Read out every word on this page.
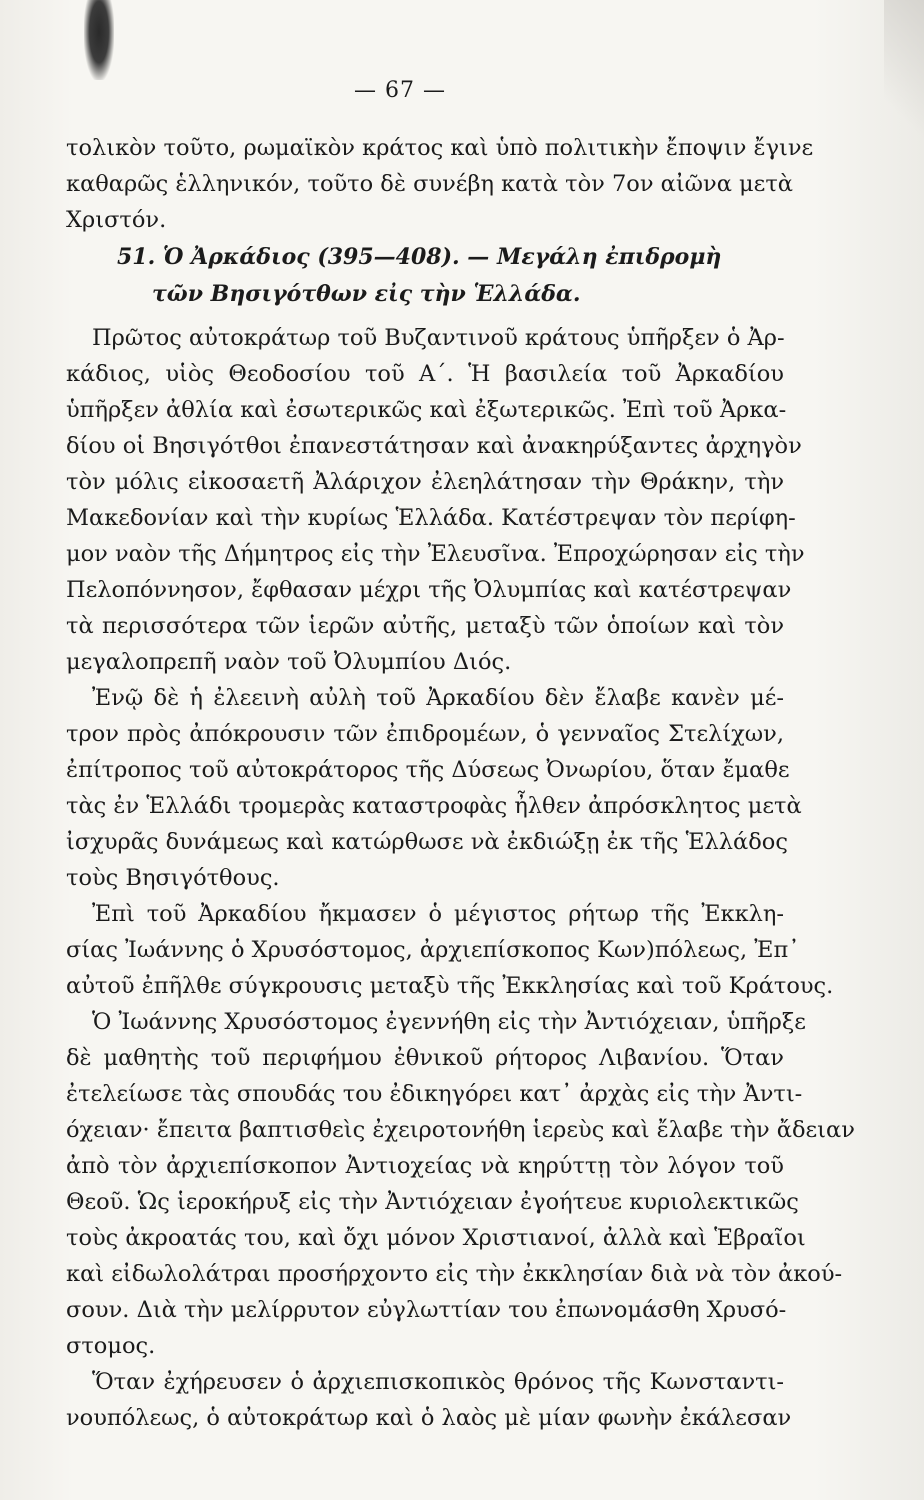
— 67 —
τολικὸν τοῦτο, ρωμαϊκὸν κράτος καὶ ὑπὸ πολιτικὴν ἔποψιν ἔγινε
καθαρῶς ἑλληνικόν, τοῦτο δὲ συνέβη κατὰ τὸν 7ον αἰῶνα μετὰ
Χριστόν.
51. Ὁ Ἀρκάδιος (395—408). — Μεγάλη ἐπιδρομὴ
τῶν Βησιγότθων εἰς τὴν Ἑλλάδα.
Πρῶτος αὐτοκράτωρ τοῦ Βυζαντινοῦ κράτους ὑπῆρξεν ὁ Ἀρ-
κάδιος, υἱὸς Θεοδοσίου τοῦ Α΄. Ἡ βασιλεία τοῦ Ἀρκαδίου
ὑπῆρξεν ἀθλία καὶ ἐσωτερικῶς καὶ ἐξωτερικῶς. Ἐπὶ τοῦ Ἀρκα-
δίου οἱ Βησιγότθοι ἐπανεστάτησαν καὶ ἀνακηρύξαντες ἀρχηγὸν
τὸν μόλις εἰκοσαετῆ Ἀλάριχον ἐλεηλάτησαν τὴν Θράκην, τὴν
Μακεδονίαν καὶ τὴν κυρίως Ἑλλάδα. Κατέστρεψαν τὸν περίφη-
μον ναὸν τῆς Δήμητρος εἰς τὴν Ἐλευσῖνα. Ἐπροχώρησαν εἰς τὴν
Πελοπόννησον, ἔφθασαν μέχρι τῆς Ὀλυμπίας καὶ κατέστρεψαν
τὰ περισσότερα τῶν ἱερῶν αὐτῆς, μεταξὺ τῶν ὁποίων καὶ τὸν
μεγαλοπρεπῆ ναὸν τοῦ Ὀλυμπίου Διός.
Ἐνῷ δὲ ἡ ἐλεεινὴ αὐλὴ τοῦ Ἀρκαδίου δὲν ἔλαβε κανὲν μέ-
τρον πρὸς ἀπόκρουσιν τῶν ἐπιδρομέων, ὁ γενναῖος Στελίχων,
ἐπίτροπος τοῦ αὐτοκράτορος τῆς Δύσεως Ὀνωρίου, ὅταν ἔμαθε
τὰς ἐν Ἑλλάδι τρομερὰς καταστροφὰς ἦλθεν ἀπρόσκλητος μετὰ
ἰσχυρᾶς δυνάμεως καὶ κατώρθωσε νὰ ἐκδιώξῃ ἐκ τῆς Ἑλλάδος
τοὺς Βησιγότθους.
Ἐπὶ τοῦ Ἀρκαδίου ἤκμασεν ὁ μέγιστος ρήτωρ τῆς Ἐκκλη-
σίας Ἰωάννης ὁ Χρυσόστομος, ἀρχιεπίσκοπος Κων)πόλεως, Ἐπ᾿
αὐτοῦ ἐπῆλθε σύγκρουσις μεταξὺ τῆς Ἐκκλησίας καὶ τοῦ Κράτους.
Ὁ Ἰωάννης Χρυσόστομος ἐγεννήθη εἰς τὴν Ἀντιόχειαν, ὑπῆρξε
δὲ μαθητὴς τοῦ περιφήμου ἐθνικοῦ ρήτορος Λιβανίου. Ὅταν
ἐτελείωσε τὰς σπουδάς του ἐδικηγόρει κατ᾿ ἀρχὰς εἰς τὴν Ἀντι-
όχειαν· ἔπειτα βαπτισθεὶς ἐχειροτονήθη ἱερεὺς καὶ ἔλαβε τὴν ἄδειαν
ἀπὸ τὸν ἀρχιεπίσκοπον Ἀντιοχείας νὰ κηρύττῃ τὸν λόγον τοῦ
Θεοῦ. Ὡς ἱεροκήρυξ εἰς τὴν Ἀντιόχειαν ἐγοήτευε κυριολεκτικῶς
τοὺς ἀκροατάς του, καὶ ὄχι μόνον Χριστιανοί, ἀλλὰ καὶ Ἑβραῖοι
καὶ εἰδωλολάτραι προσήρχοντο εἰς τὴν ἐκκλησίαν διὰ νὰ τὸν ἀκού-
σουν. Διὰ τὴν μελίρρυτον εὐγλωττίαν του ἐπωνομάσθη Χρυσό-
στομος.
Ὅταν ἐχήρευσεν ὁ ἀρχιεπισκοπικὸς θρόνος τῆς Κωνσταντι-
νουπόλεως, ὁ αὐτοκράτωρ καὶ ὁ λαὸς μὲ μίαν φωνὴν ἐκάλεσαν
